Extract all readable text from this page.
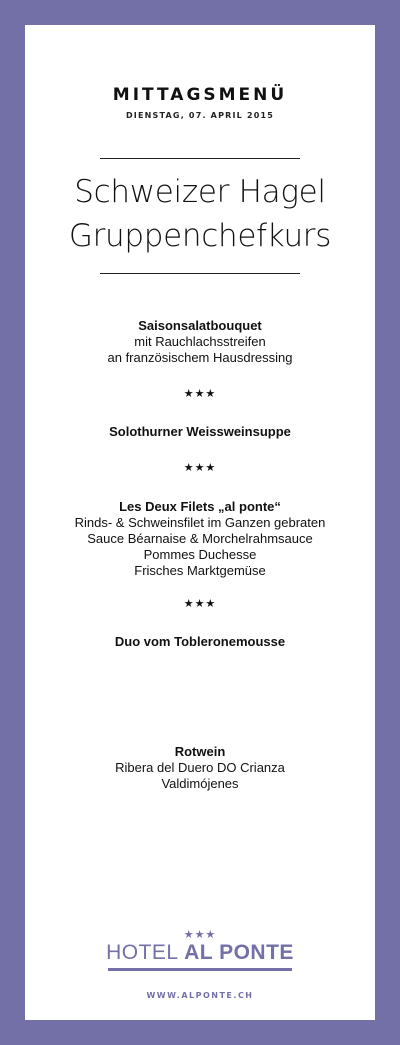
MITTAGSMENÜ
DIENSTAG, 07. APRIL 2015
Schweizer Hagel
Gruppenchefkurs
Saisonsalatbouquet
mit Rauchlachsstreifen
an französischem Hausdressing
★★★
Solothurner Weissweinsuppe
★★★
Les Deux Filets „al ponte“
Rinds- & Schweinsfilet im Ganzen gebraten
Sauce Béarnaise & Morchelrahmsauce
Pommes Duchesse
Frisches Marktgemüse
★★★
Duo vom Tobleronemousse
Rotwein
Ribera del Duero DO Crianza
Valdimójenes
★★★
HOTEL AL PONTE
WWW.ALPONTE.CH
